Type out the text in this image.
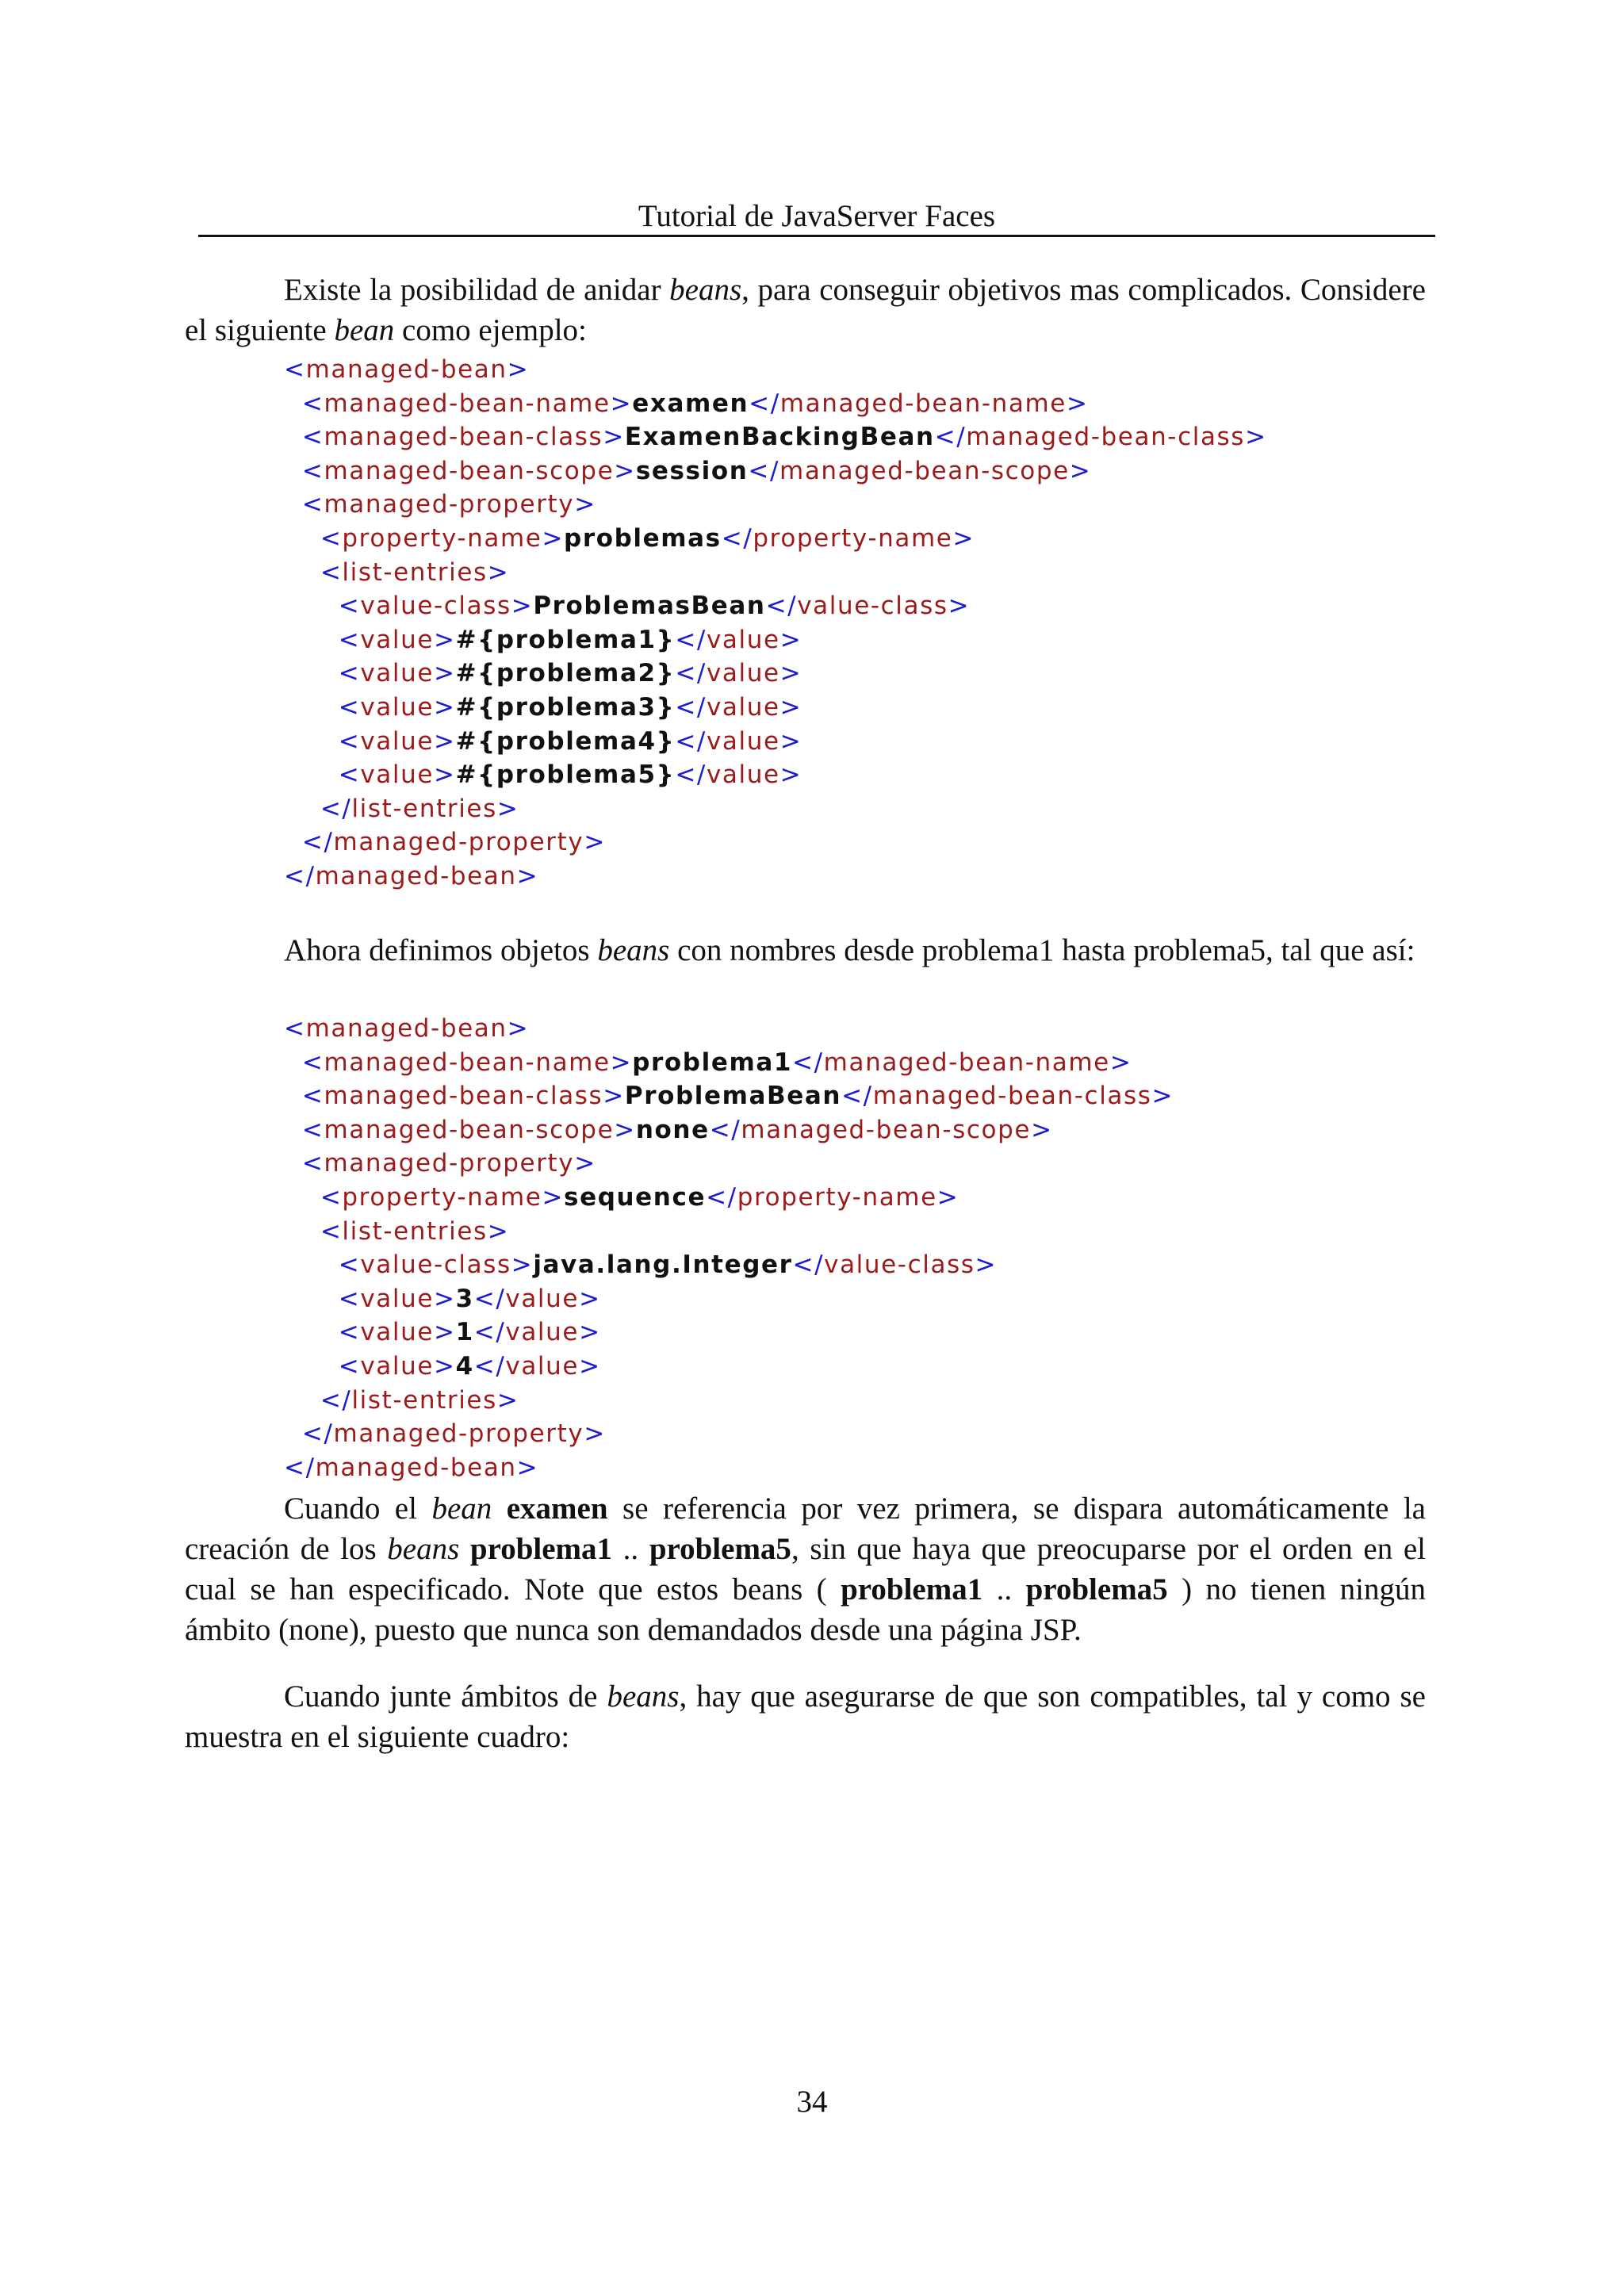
Tutorial de JavaServer Faces

Existe la posibilidad de anidar beans, para conseguir objetivos mas complicados. Considere el siguiente bean como ejemplo:

<managed-bean>
<managed-bean-name>examen</managed-bean-name>
<managed-bean-class>ExamenBackingBean</managed-bean-class>
<managed-bean-scope>session</managed-bean-scope>
<managed-property>
<property-name>problemas</property-name>
<list-entries>
<value-class>ProblemasBean</value-class>
<value>#{problema1}</value>
<value>#{problema2}</value>
<value>#{problema3}</value>
<value>#{problema4}</value>
<value>#{problema5}</value>
</list-entries>
</managed-property>
</managed-bean>

Ahora definimos objetos beans con nombres desde problema1 hasta problema5, tal que así:

<managed-bean>
<managed-bean-name>problema1</managed-bean-name>
<managed-bean-class>ProblemaBean</managed-bean-class>
<managed-bean-scope>none</managed-bean-scope>
<managed-property>
<property-name>sequence</property-name>
<list-entries>
<value-class>java.lang.Integer</value-class>
<value>3</value>
<value>1</value>
<value>4</value>
</list-entries>
</managed-property>
</managed-bean>

Cuando el bean examen se referencia por vez primera, se dispara automáticamente la creación de los beans problema1 .. problema5, sin que haya que preocuparse por el orden en el cual se han especificado. Note que estos beans ( problema1 .. problema5 ) no tienen ningún ámbito (none), puesto que nunca son demandados desde una página JSP.

Cuando junte ámbitos de beans, hay que asegurarse de que son compatibles, tal y como se muestra en el siguiente cuadro:

34
